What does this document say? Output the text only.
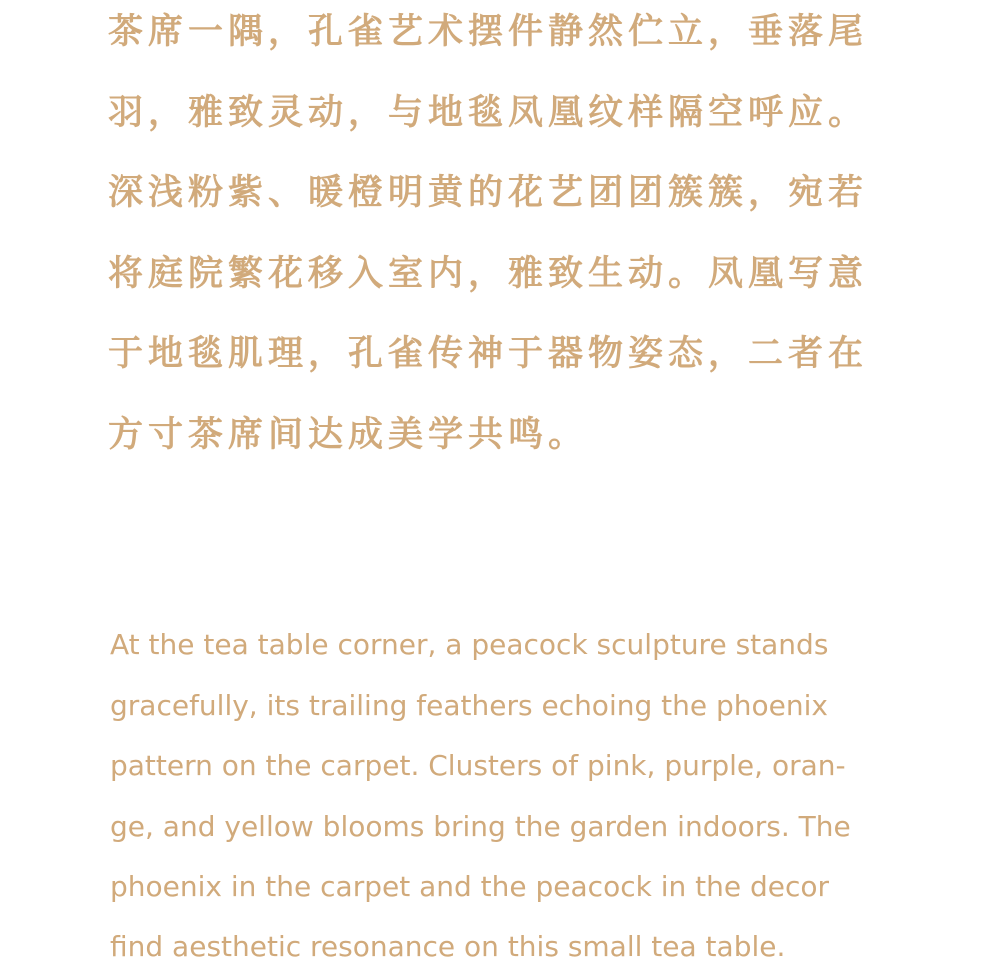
茶席一隅，孔雀艺术摆件静然伫立，垂落尾
羽，雅致灵动，与地毯凤凰纹样隔空呼应。
深浅粉紫、暖橙明黄的花艺团团簇簇，宛若
将庭院繁花移入室内，雅致生动。凤凰写意
于地毯肌理，孔雀传神于器物姿态，二者在
方寸茶席间达成美学共鸣。
At the tea table corner, a peacock sculpture stands
gracefully, its trailing feathers echoing the phoenix
pattern on the carpet. Clusters of pink, purple, oran-
ge, and yellow blooms bring the garden indoors. The
phoenix in the carpet and the peacock in the decor
find aesthetic resonance on this small tea table.
